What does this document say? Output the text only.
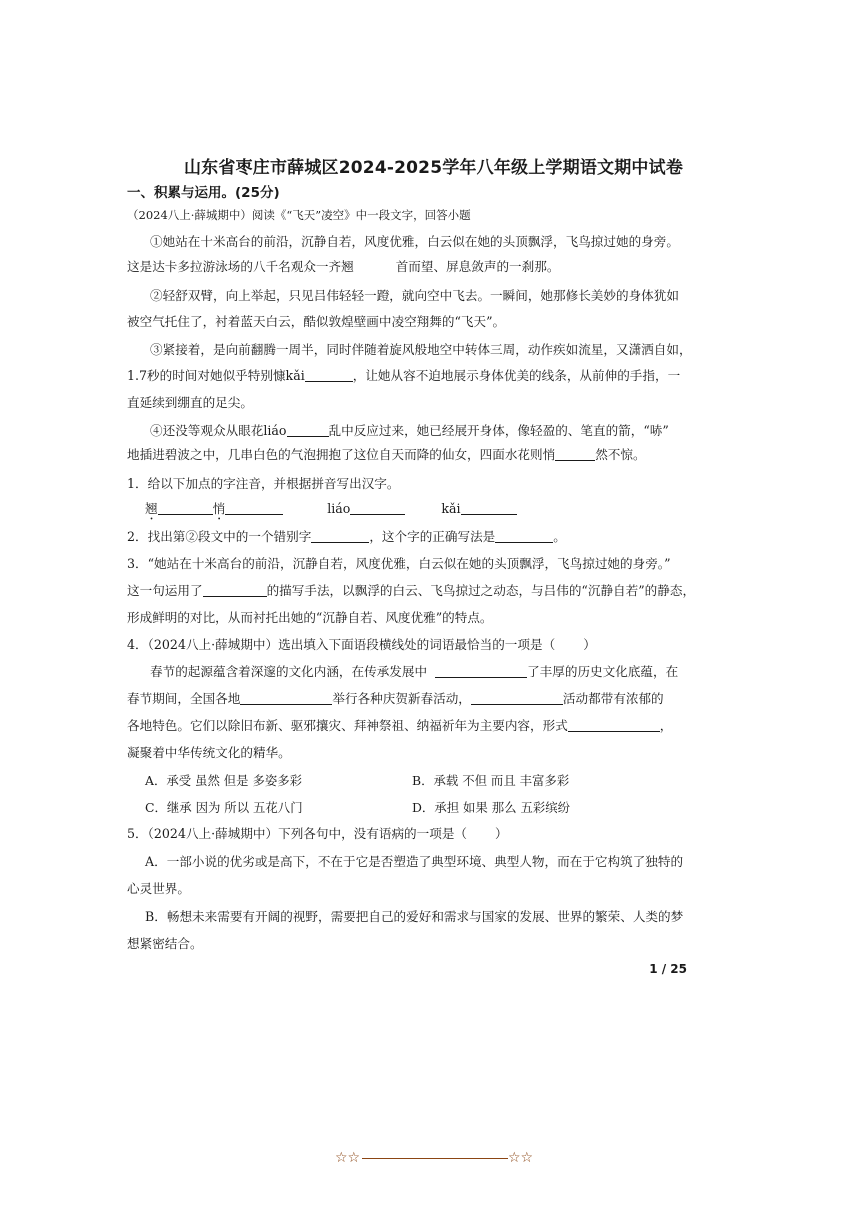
山东省枣庄市薛城区2024-2025学年八年级上学期语文期中试卷
一、积累与运用。(25分)
（2024八上·薛城期中）阅读《“飞天”凌空》中一段文字，回答小题
①她站在十米高台的前沿，沉静自若，风度优雅，白云似在她的头顶飘浮，飞鸟掠过她的身旁。
这是达卡多拉游泳场的八千名观众一齐翘	首而望、屏息敛声的一刹那。
②轻舒双臂，向上举起，只见吕伟轻轻一蹬，就向空中飞去。一瞬间，她那修长美妙的身体犹如
被空气托住了，衬着蓝天白云，酷似敦煌壁画中凌空翔舞的“飞天”。
③紧接着，是向前翻腾一周半，同时伴随着旋风般地空中转体三周，动作疾如流星，又潇洒自如，
1.7秒的时间对她似乎特别慷kǎi	，让她从容不迫地展示身体优美的线条，从前伸的手指，一
直延续到绷直的足尖。
④还没等观众从眼花liáo	乱中反应过来，她已经展开身体，像轻盈的、笔直的箭，“哧”
地插进碧波之中，几串白色的气泡拥抱了这位自天而降的仙女，四面水花则悄	然不惊。
1．给以下加点的字注音，并根据拼音写出汉字。
翘	悄	liáo	kǎi
2．找出第②段文中的一个错别字	，这个字的正确写法是	。
3．“她站在十米高台的前沿，沉静自若，风度优雅，白云似在她的头顶飘浮，飞鸟掠过她的身旁。”
这一句运用了	的描写手法，以飘浮的白云、飞鸟掠过之动态，与吕伟的“沉静自若”的静态，
形成鲜明的对比，从而衬托出她的“沉静自若、风度优雅”的特点。
4．（2024八上·薛城期中）选出填入下面语段横线处的词语最恰当的一项是（ ）
春节的起源蕴含着深邃的文化内涵，在传承发展中	了丰厚的历史文化底蕴，在
春节期间，全国各地	举行各种庆贺新春活动，	活动都带有浓郁的
各地特色。它们以除旧布新、驱邪攘灾、拜神祭祖、纳福祈年为主要内容，形式	，
凝聚着中华传统文化的精华。
A．承受 虽然 但是 多姿多彩	B．承载 不但 而且 丰富多彩
C．继承 因为 所以 五花八门	D．承担 如果 那么 五彩缤纷
5．（2024八上·薛城期中）下列各句中，没有语病的一项是（ ）
A．一部小说的优劣或是高下，不在于它是否塑造了典型环境、典型人物，而在于它构筑了独特的
心灵世界。
B．畅想未来需要有开阔的视野，需要把自己的爱好和需求与国家的发展、世界的繁荣、人类的梦
想紧密结合。
1 / 25
☆☆	☆☆
